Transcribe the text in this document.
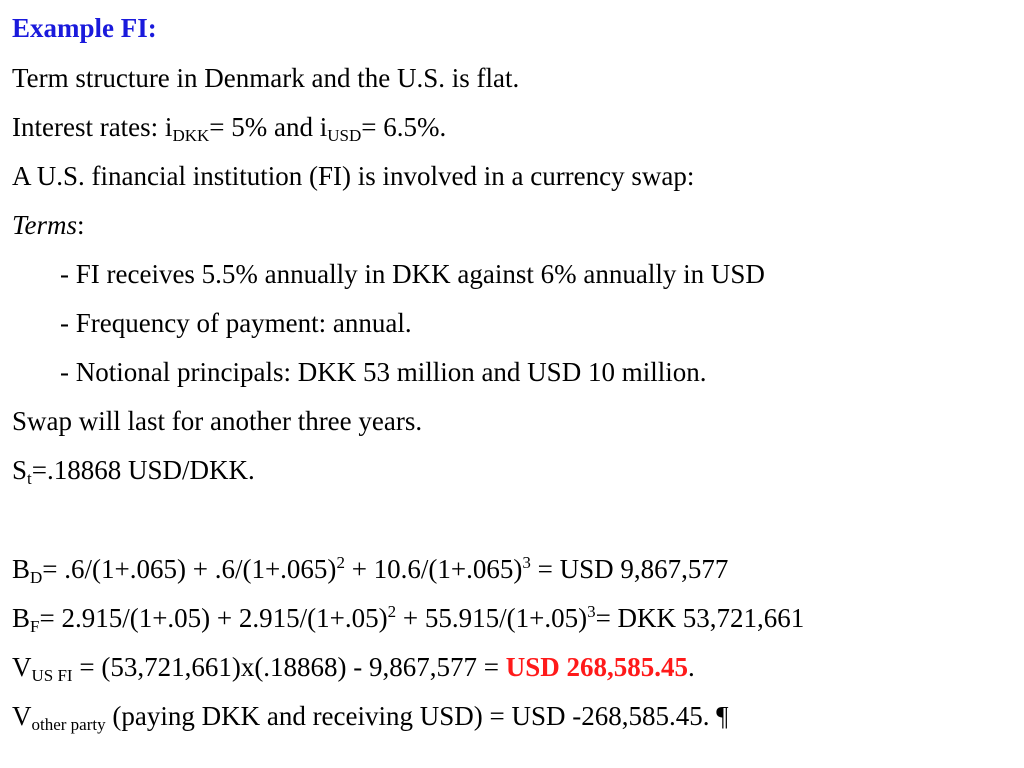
Example FI:
Term structure in Denmark and the U.S. is flat.
Interest rates: $i_{DKK}= 5\%$ and $i_{USD}= 6.5\%$.
A U.S. financial institution (FI) is involved in a currency swap:
Terms:
- FI receives 5.5% annually in DKK against 6% annually in USD
- Frequency of payment: annual.
- Notional principals: DKK 53 million and USD 10 million.
Swap will last for another three years.
$S_t=.18868$ USD/DKK.
$B_D= .6/(1+.065) + .6/(1+.065)^2 + 10.6/(1+.065)^3$ = USD 9,867,577
$B_F= 2.915/(1+.05) + 2.915/(1+.05)^2 + 55.915/(1+.05)^3=$ DKK 53,721,661
$V_{US FI} = (53,721,661)x(.18868) - 9,867,577$ = USD 268,585.45.
$V_{other party}$ (paying DKK and receiving USD) = USD -268,585.45. ¶
